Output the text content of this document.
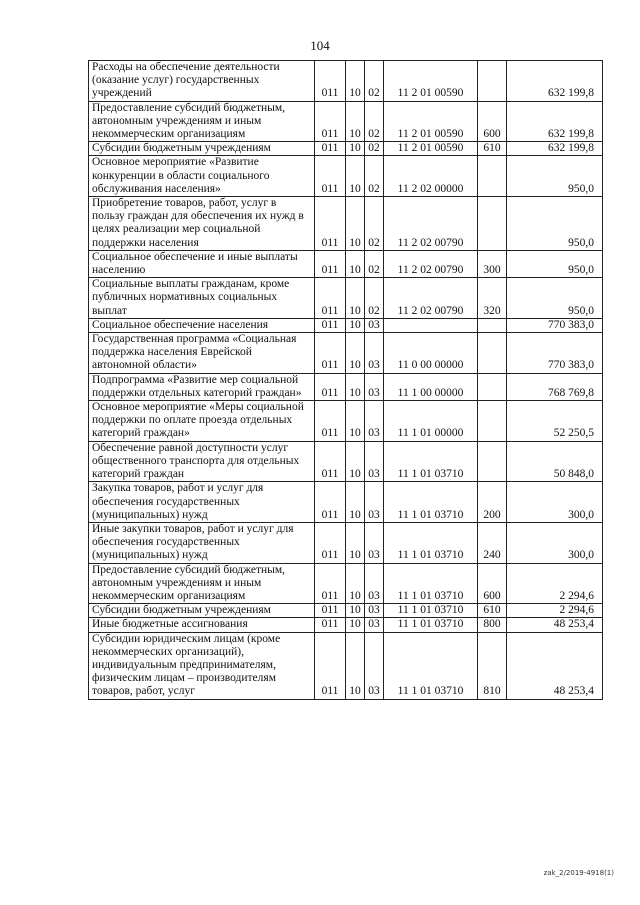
104
Расходы на обеспечение деятельности (оказание услуг) государственных учреждений	011	10	02	11 2 01 00590		632 199,8
Предоставление субсидий бюджетным, автономным учреждениям и иным некоммерческим организациям	011	10	02	11 2 01 00590	600	632 199,8
Субсидии бюджетным учреждениям	011	10	02	11 2 01 00590	610	632 199,8
Основное мероприятие «Развитие конкуренции в области социального обслуживания населения»	011	10	02	11 2 02 00000		950,0
Приобретение товаров, работ, услуг в пользу граждан для обеспечения их нужд в целях реализации мер социальной поддержки населения	011	10	02	11 2 02 00790		950,0
Социальное обеспечение и иные выплаты населению	011	10	02	11 2 02 00790	300	950,0
Социальные выплаты гражданам, кроме публичных нормативных социальных выплат	011	10	02	11 2 02 00790	320	950,0
Социальное обеспечение населения	011	10	03			770 383,0
Государственная программа «Социальная поддержка населения Еврейской автономной области»	011	10	03	11 0 00 00000		770 383,0
Подпрограмма «Развитие мер социальной поддержки отдельных категорий граждан»	011	10	03	11 1 00 00000		768 769,8
Основное мероприятие «Меры социальной поддержки по оплате проезда отдельных категорий граждан»	011	10	03	11 1 01 00000		52 250,5
Обеспечение равной доступности услуг общественного транспорта для отдельных категорий граждан	011	10	03	11 1 01 03710		50 848,0
Закупка товаров, работ и услуг для обеспечения государственных (муниципальных) нужд	011	10	03	11 1 01 03710	200	300,0
Иные закупки товаров, работ и услуг для обеспечения государственных (муниципальных) нужд	011	10	03	11 1 01 03710	240	300,0
Предоставление субсидий бюджетным, автономным учреждениям и иным некоммерческим организациям	011	10	03	11 1 01 03710	600	2 294,6
Субсидии бюджетным учреждениям	011	10	03	11 1 01 03710	610	2 294,6
Иные бюджетные ассигнования	011	10	03	11 1 01 03710	800	48 253,4
Субсидии юридическим лицам (кроме некоммерческих организаций), индивидуальным предпринимателям, физическим лицам – производителям товаров, работ, услуг	011	10	03	11 1 01 03710	810	48 253,4
zak_2/2019-4918(1)
